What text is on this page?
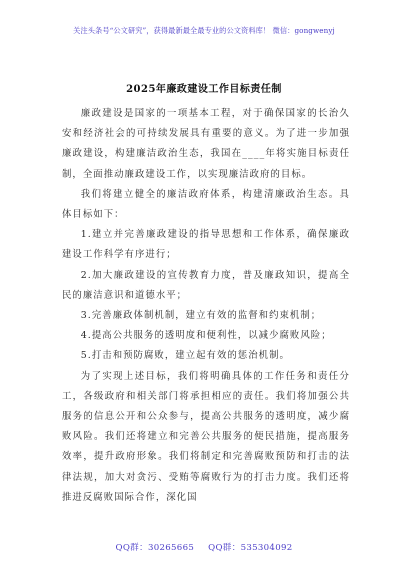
关注头条号“公文研究”，获得最新最全最专业的公文资料库！ 微信：gongwenyj
2025年廉政建设工作目标责任制

廉政建设是国家的一项基本工程，对于确保国家的长治久安和经济社会的可持续发展具有重要的意义。为了进一步加强廉政建设，构建廉洁政治生态，我国在____年将实施目标责任制，全面推动廉政建设工作，以实现廉洁政府的目标。

我们将建立健全的廉洁政府体系，构建清廉政治生态。具体目标如下：

1.建立并完善廉政建设的指导思想和工作体系，确保廉政建设工作科学有序进行；

2.加大廉政建设的宣传教育力度，普及廉政知识，提高全民的廉洁意识和道德水平；

3.完善廉政体制机制，建立有效的监督和约束机制；

4.提高公共服务的透明度和便利性，以减少腐败风险；

5.打击和预防腐败，建立起有效的惩治机制。

为了实现上述目标，我们将明确具体的工作任务和责任分工，各级政府和相关部门将承担相应的责任。我们将加强公共服务的信息公开和公众参与，提高公共服务的透明度，减少腐败风险。我们还将建立和完善公共服务的便民措施，提高服务效率，提升政府形象。我们将制定和完善腐败预防和打击的法律法规，加大对贪污、受贿等腐败行为的打击力度。我们还将推进反腐败国际合作，深化国

QQ群：30265665 QQ群：535304092
